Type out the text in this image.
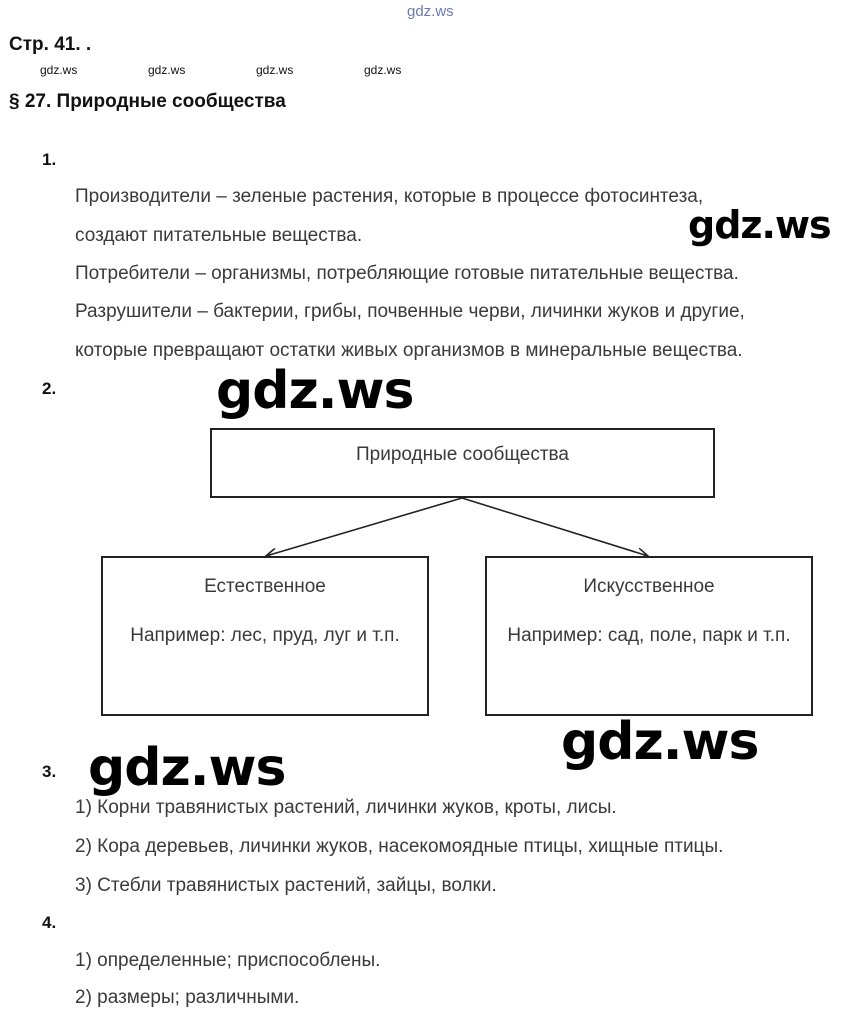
gdz.ws
Стр. 41. .
gdz.ws	gdz.ws	gdz.ws	gdz.ws
§ 27. Природные сообщества
1.
Производители – зеленые растения, которые в процессе фотосинтеза,
создают питательные вещества.
Потребители – организмы, потребляющие готовые питательные вещества.
Разрушители – бактерии, грибы, почвенные черви, личинки жуков и другие,
которые превращают остатки живых организмов в минеральные вещества.
gdz.ws
2.	gdz.ws
Природные сообщества
Естественное
Например: лес, пруд, луг и т.п.
Искусственное
Например: сад, поле, парк и т.п.
gdz.ws
3. gdz.ws
1) Корни травянистых растений, личинки жуков, кроты, лисы.
2) Кора деревьев, личинки жуков, насекомоядные птицы, хищные птицы.
3) Стебли травянистых растений, зайцы, волки.
4.
1) определенные; приспособлены.
2) размеры; различными.
